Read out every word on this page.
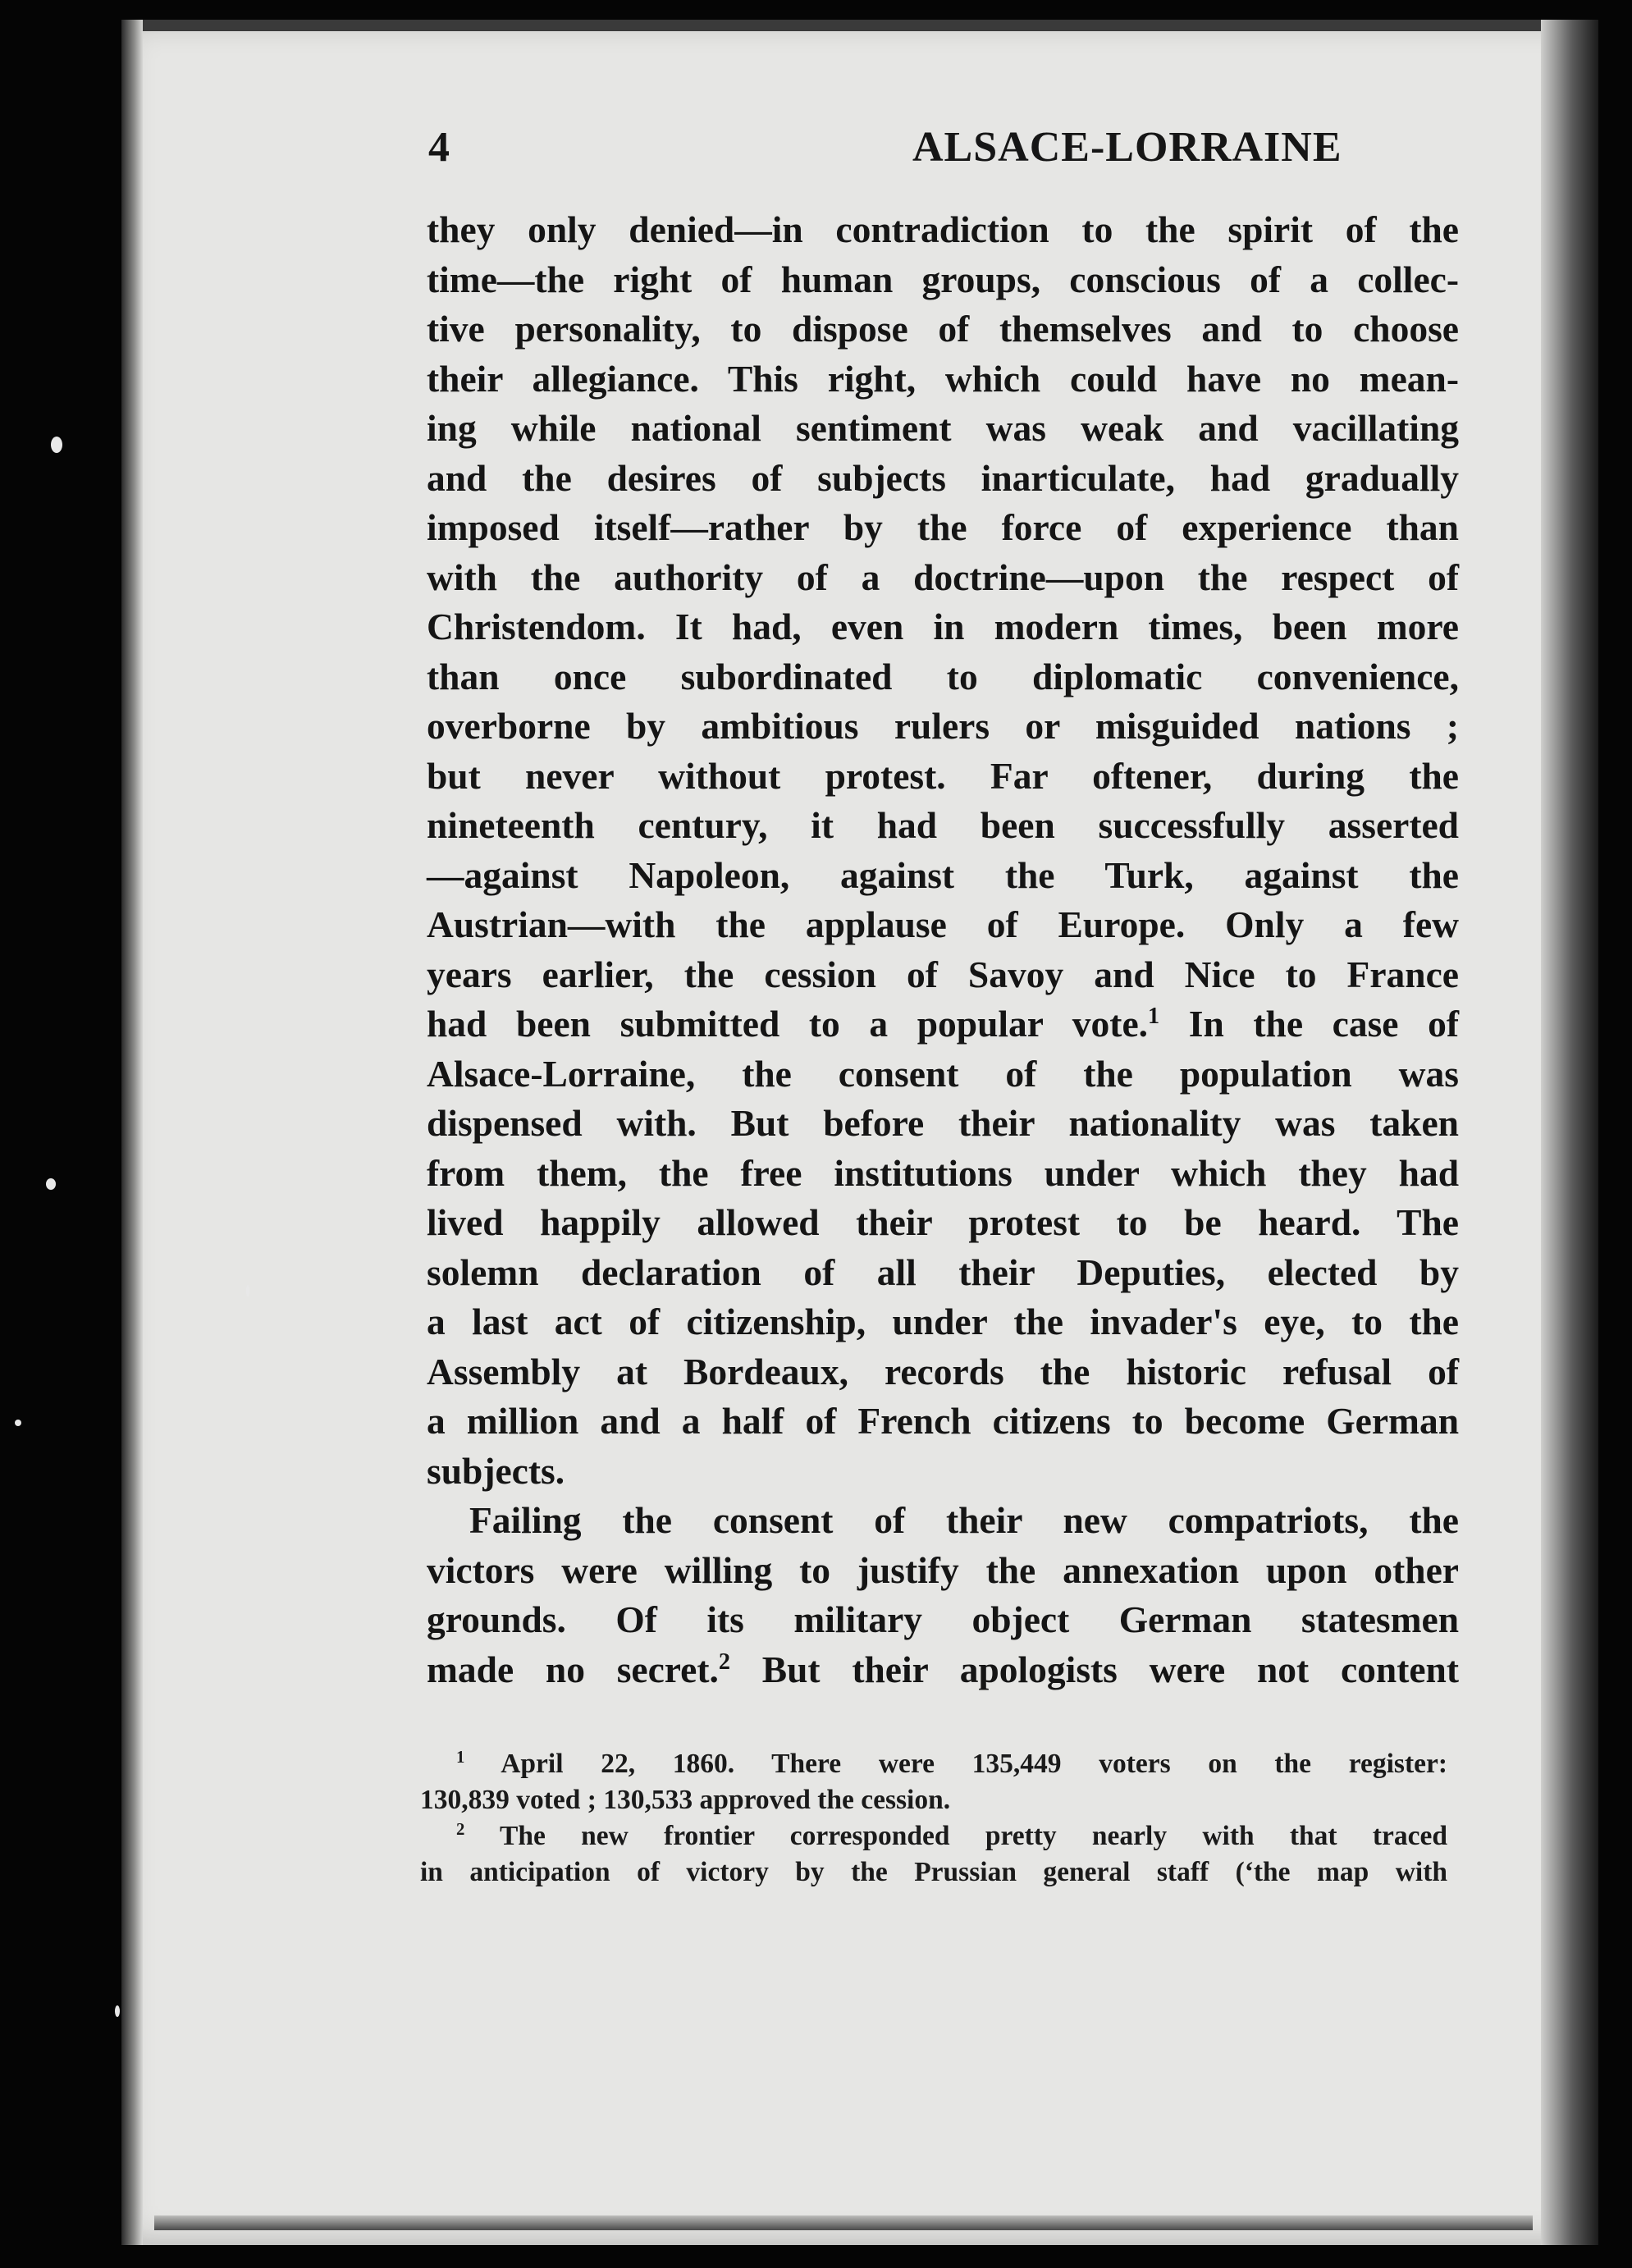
4	ALSACE-LORRAINE
they only denied—in contradiction to the spirit of the
time—the right of human groups, conscious of a collec-
tive personality, to dispose of themselves and to choose
their allegiance. This right, which could have no mean-
ing while national sentiment was weak and vacillating
and the desires of subjects inarticulate, had gradually
imposed itself—rather by the force of experience than
with the authority of a doctrine—upon the respect of
Christendom. It had, even in modern times, been more
than once subordinated to diplomatic convenience,
overborne by ambitious rulers or misguided nations ;
but never without protest. Far oftener, during the
nineteenth century, it had been successfully asserted
—against Napoleon, against the Turk, against the
Austrian—with the applause of Europe. Only a few
years earlier, the cession of Savoy and Nice to France
had been submitted to a popular vote.$^1$ In the case of
Alsace-Lorraine, the consent of the population was
dispensed with. But before their nationality was taken
from them, the free institutions under which they had
lived happily allowed their protest to be heard. The
solemn declaration of all their Deputies, elected by
a last act of citizenship, under the invader's eye, to the
Assembly at Bordeaux, records the historic refusal of
a million and a half of French citizens to become German
subjects.
Failing the consent of their new compatriots, the
victors were willing to justify the annexation upon other
grounds. Of its military object German statesmen
made no secret.$^2$ But their apologists were not content
$^1$ April 22, 1860. There were 135,449 voters on the register:
130,839 voted ; 130,533 approved the cession.
$^2$ The new frontier corresponded pretty nearly with that traced
in anticipation of victory by the Prussian general staff (‘the map with
